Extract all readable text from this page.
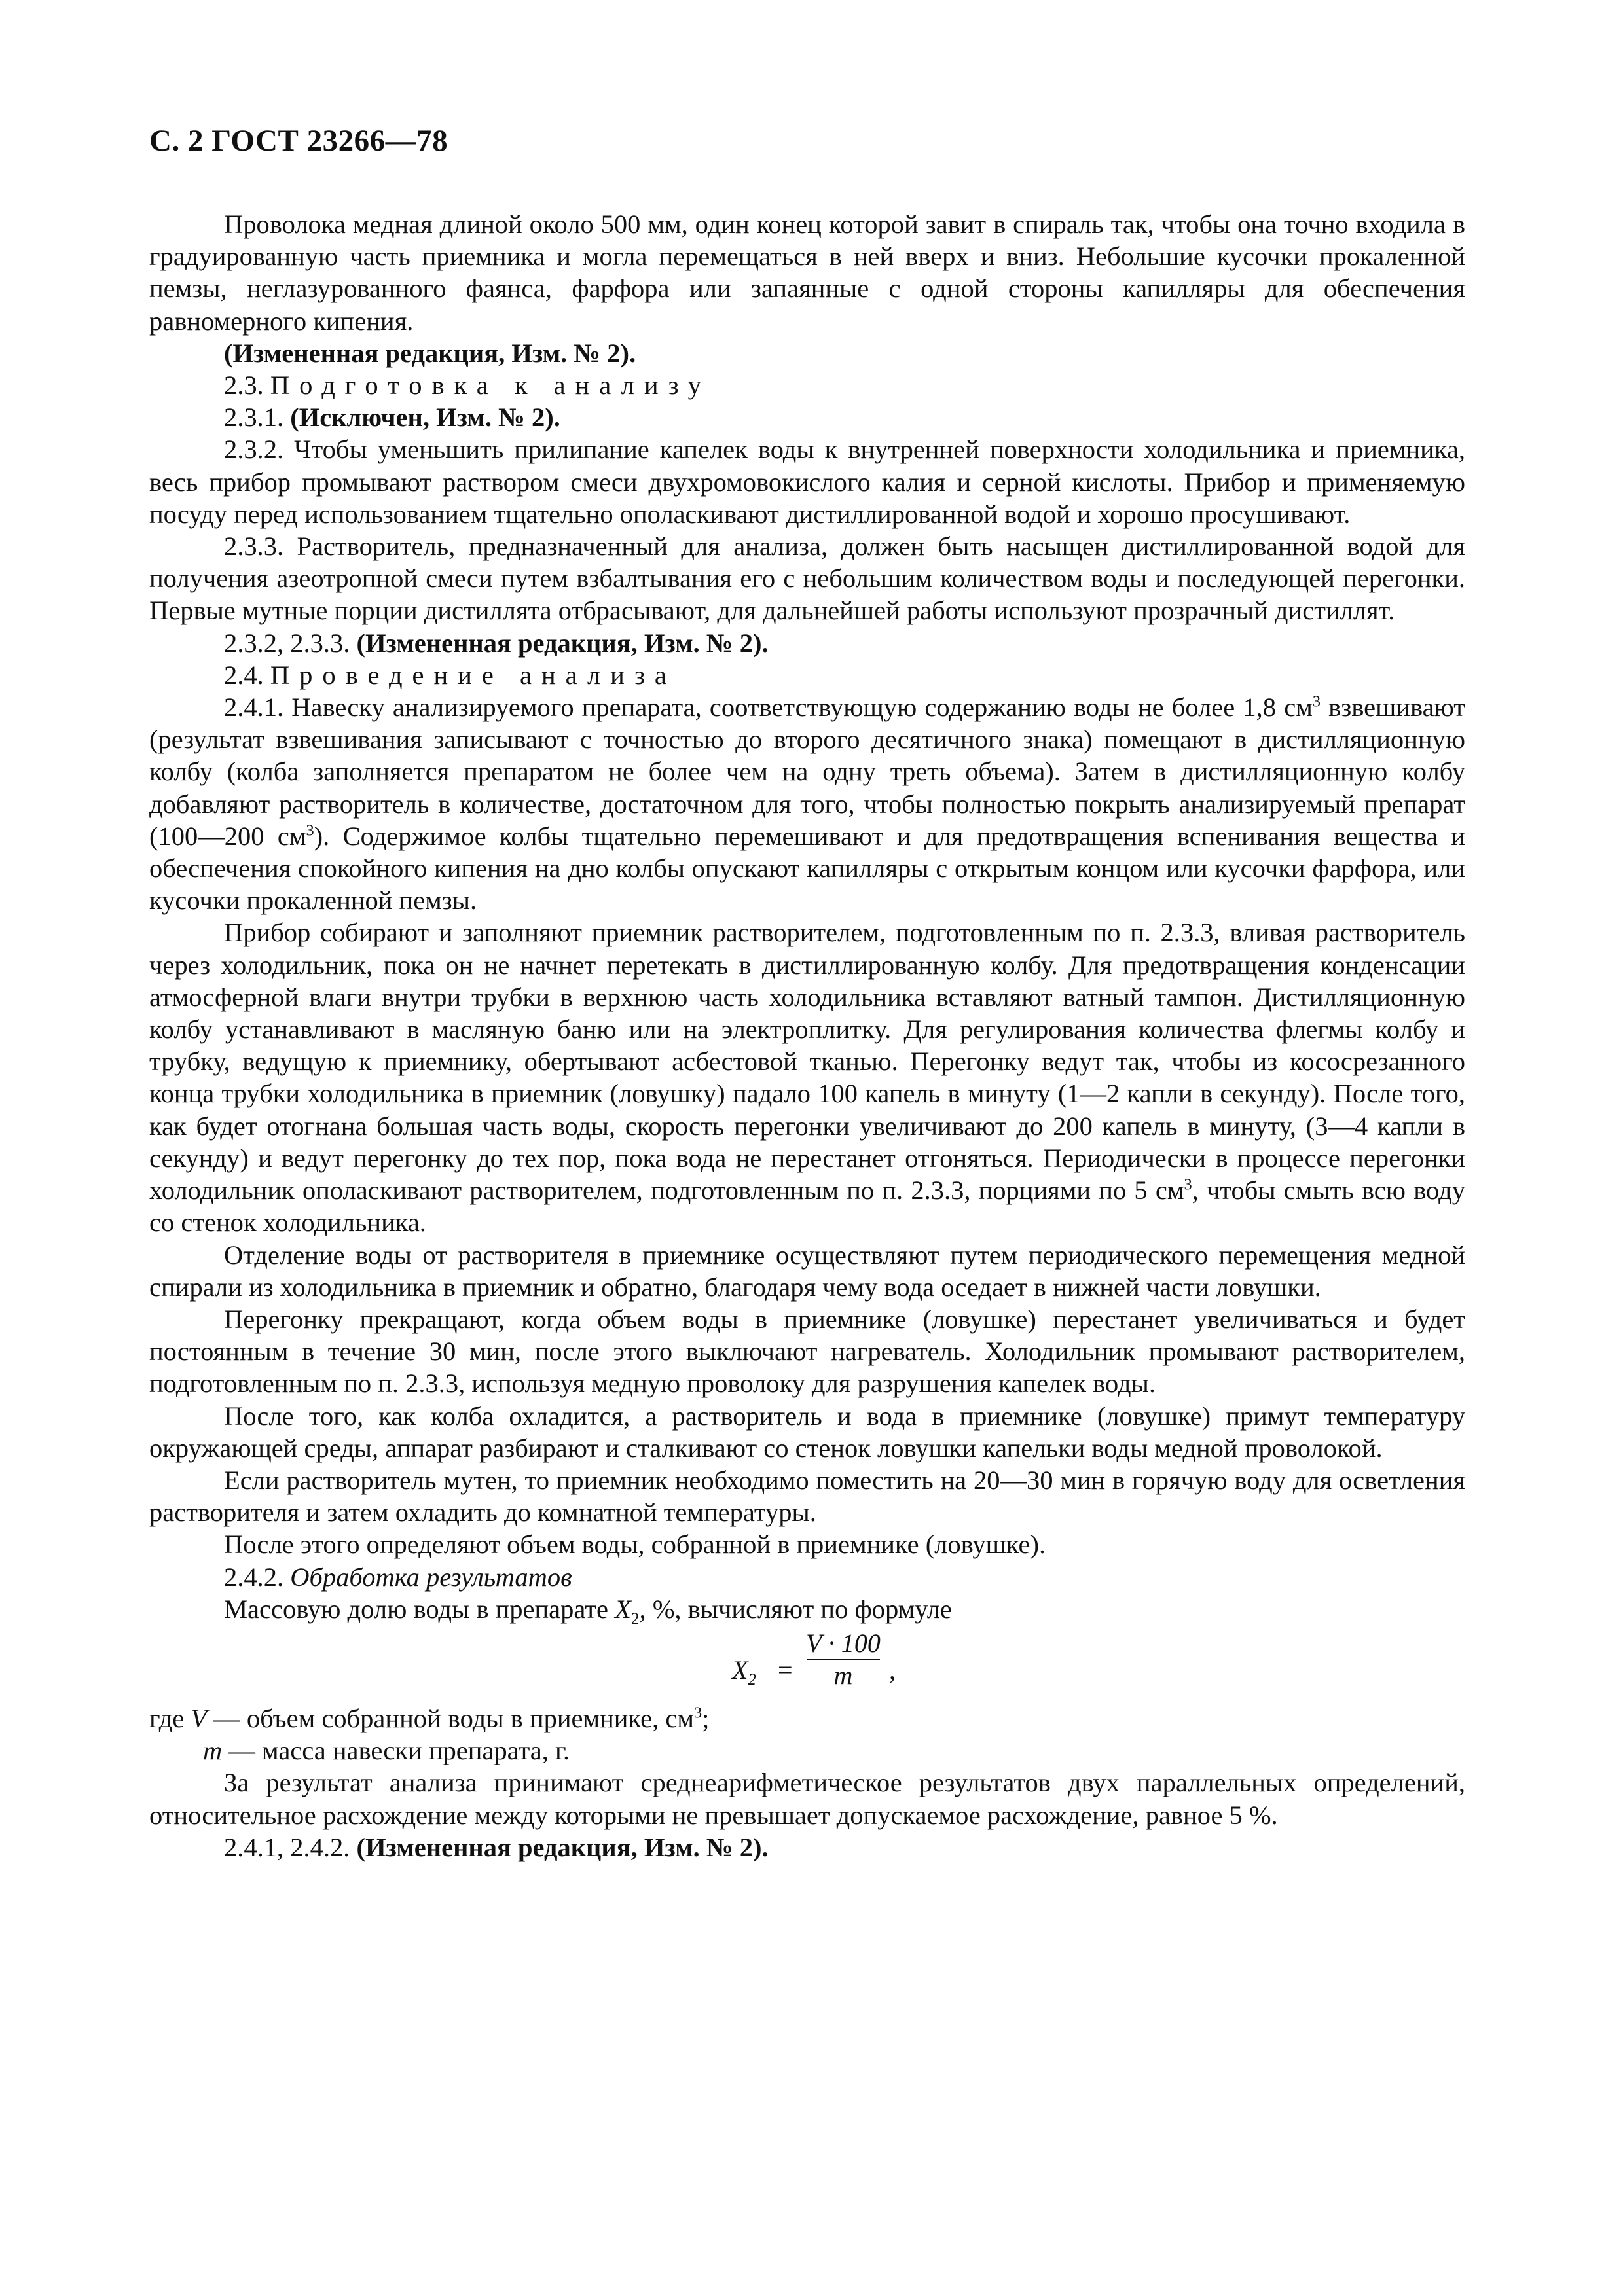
С. 2 ГОСТ 23266—78

Проволока медная длиной около 500 мм, один конец которой завит в спираль так, чтобы она точно входила в градуированную часть приемника и могла перемещаться в ней вверх и вниз. Небольшие кусочки прокаленной пемзы, неглазурованного фаянса, фарфора или запаянные с одной стороны капилляры для обеспечения равномерного кипения.

(Измененная редакция, Изм. № 2).

2.3. Подготовка к анализу

2.3.1. (Исключен, Изм. № 2).

2.3.2. Чтобы уменьшить прилипание капелек воды к внутренней поверхности холодильника и приемника, весь прибор промывают раствором смеси двухромовокислого калия и серной кислоты. Прибор и применяемую посуду перед использованием тщательно ополаскивают дистиллированной водой и хорошо просушивают.

2.3.3. Растворитель, предназначенный для анализа, должен быть насыщен дистиллированной водой для получения азеотропной смеси путем взбалтывания его с небольшим количеством воды и последующей перегонки. Первые мутные порции дистиллята отбрасывают, для дальнейшей работы используют прозрачный дистиллят.

2.3.2, 2.3.3. (Измененная редакция, Изм. № 2).

2.4. Проведение анализа

2.4.1. Навеску анализируемого препарата, соответствующую содержанию воды не более 1,8 $см^3$ взвешивают (результат взвешивания записывают с точностью до второго десятичного знака) помещают в дистилляционную колбу (колба заполняется препаратом не более чем на одну треть объема). Затем в дистилляционную колбу добавляют растворитель в количестве, достаточном для того, чтобы полностью покрыть анализируемый препарат (100—200 $см^3$). Содержимое колбы тщательно перемешивают и для предотвращения вспенивания вещества и обеспечения спокойного кипения на дно колбы опускают капилляры с открытым концом или кусочки фарфора, или кусочки прокаленной пемзы.

Прибор собирают и заполняют приемник растворителем, подготовленным по п. 2.3.3, вливая растворитель через холодильник, пока он не начнет перетекать в дистиллированную колбу. Для предотвращения конденсации атмосферной влаги внутри трубки в верхнюю часть холодильника вставляют ватный тампон. Дистилляционную колбу устанавливают в масляную баню или на электроплитку. Для регулирования количества флегмы колбу и трубку, ведущую к приемнику, обертывают асбестовой тканью. Перегонку ведут так, чтобы из кососрезанного конца трубки холодильника в приемник (ловушку) падало 100 капель в минуту (1—2 капли в секунду). После того, как будет отогнана большая часть воды, скорость перегонки увеличивают до 200 капель в минуту, (3—4 капли в секунду) и ведут перегонку до тех пор, пока вода не перестанет отгоняться. Периодически в процессе перегонки холодильник ополаскивают растворителем, подготовленным по п. 2.3.3, порциями по 5 $см^3$, чтобы смыть всю воду со стенок холодильника.

Отделение воды от растворителя в приемнике осуществляют путем периодического перемещения медной спирали из холодильника в приемник и обратно, благодаря чему вода оседает в нижней части ловушки.

Перегонку прекращают, когда объем воды в приемнике (ловушке) перестанет увеличиваться и будет постоянным в течение 30 мин, после этого выключают нагреватель. Холодильник промывают растворителем, подготовленным по п. 2.3.3, используя медную проволоку для разрушения капелек воды.

После того, как колба охладится, а растворитель и вода в приемнике (ловушке) примут температуру окружающей среды, аппарат разбирают и сталкивают со стенок ловушки капельки воды медной проволокой.

Если растворитель мутен, то приемник необходимо поместить на 20—30 мин в горячую воду для осветления растворителя и затем охладить до комнатной температуры.

После этого определяют объем воды, собранной в приемнике (ловушке).

2.4.2. Обработка результатов

Массовую долю воды в препарате $X_2$, %, вычисляют по формуле

$X_2$ =
V · 100
m	,

где V — объем собранной воды в приемнике, $см^3$;

m — масса навески препарата, г.

За результат анализа принимают среднеарифметическое результатов двух параллельных определений, относительное расхождение между которыми не превышает допускаемое расхождение, равное 5 %.

2.4.1, 2.4.2. (Измененная редакция, Изм. № 2).
